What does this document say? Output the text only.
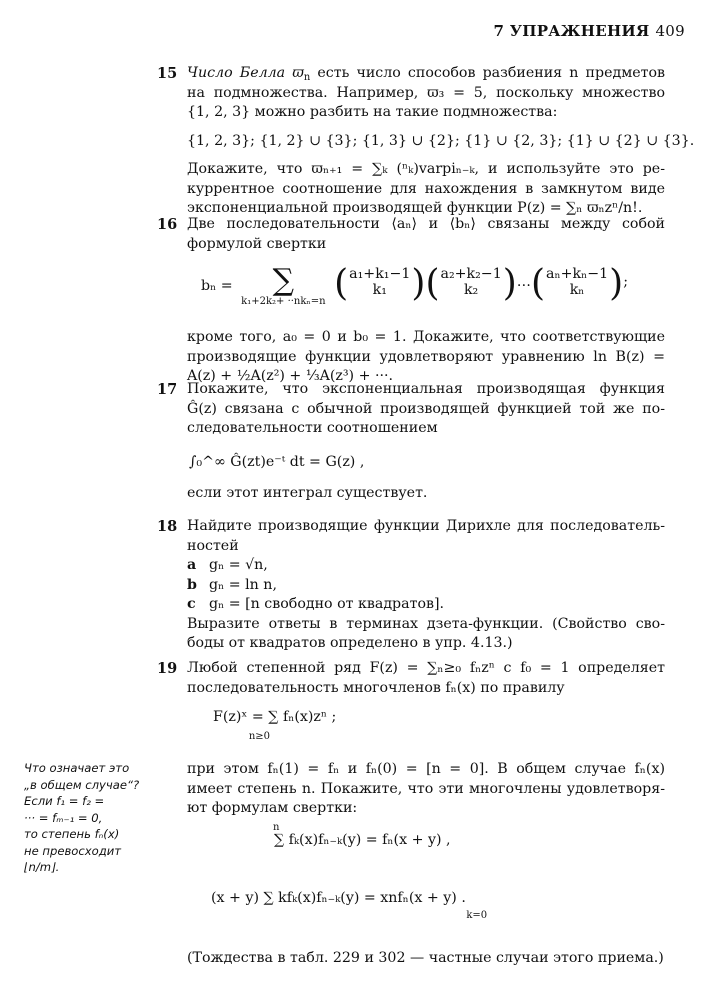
7 УПРАЖНЕНИЯ 409
15 Число Белла $ϖ_n$ есть число способов разбиения n предметов
на подмножества. Например, ϖ₃ = 5, поскольку множество
{1, 2, 3} можно разбить на такие подмножества:
{1, 2, 3}; {1, 2} ∪ {3}; {1, 3} ∪ {2}; {1} ∪ {2, 3}; {1} ∪ {2} ∪ {3}.
Докажите, что ϖₙ₊₁ = ∑ₖ (ⁿₖ)varpiₙ₋ₖ, и используйте это ре-
куррентное соотношение для нахождения в замкнутом виде
экспоненциальной производящей функции P(z) = ∑ₙ ϖₙzⁿ/n!.
16 Две последовательности ⟨aₙ⟩ и ⟨bₙ⟩ связаны между собой
формулой свертки
bₙ =	∑
k₁+2k₂+ ··nkₙ=n ( a₁+k₁−1
k₁ )( a₂+k₂−1
k₂ )…( aₙ+kₙ−1
kₙ );
кроме того, a₀ = 0 и b₀ = 1. Докажите, что соответствующие
производящие функции удовлетворяют уравнению ln B(z) =
A(z) + ½A(z²) + ⅓A(z³) + ···.
17 Покажите, что экспоненциальная производящая функция
Ĝ(z) связана с обычной производящей функцией той же по-
следовательности соотношением
∫₀^∞ Ĝ(zt)e⁻ᵗ dt = G(z) ,
если этот интеграл существует.
18 Найдите производящие функции Дирихле для последователь-
ностей
a gₙ = √n,
b gₙ = ln n,
c gₙ = [n свободно от квадратов].
Выразите ответы в терминах дзета-функции. (Свойство сво-
боды от квадратов определено в упр. 4.13.)
19 Любой степенной ряд F(z) = ∑ₙ≥₀ fₙzⁿ с f₀ = 1 определяет
последовательность многочленов fₙ(x) по правилу
F(z)ˣ = ∑ fₙ(x)zⁿ ; $_{n\ge 0}$
при этом fₙ(1) = fₙ и fₙ(0) = [n = 0]. В общем случае fₙ(x)
имеет степень n. Покажите, что эти многочлены удовлетворя-
ют формулам свертки:
$^n$ ∑ fₖ(x)fₙ₋ₖ(y) = fₙ(x + y) ,
(x + y) ∑ kfₖ(x)fₙ₋ₖ(y) = xnfₙ(x + y) . $_{k=0}$
(Тождества в табл. 229 и 302 — частные случаи этого приема.)
Что означает это
„в общем случае“?
Если f₁ = f₂ =
··· = fₘ₋₁ = 0,
то степень fₙ(x)
не превосходит
⌊n/m⌋.
